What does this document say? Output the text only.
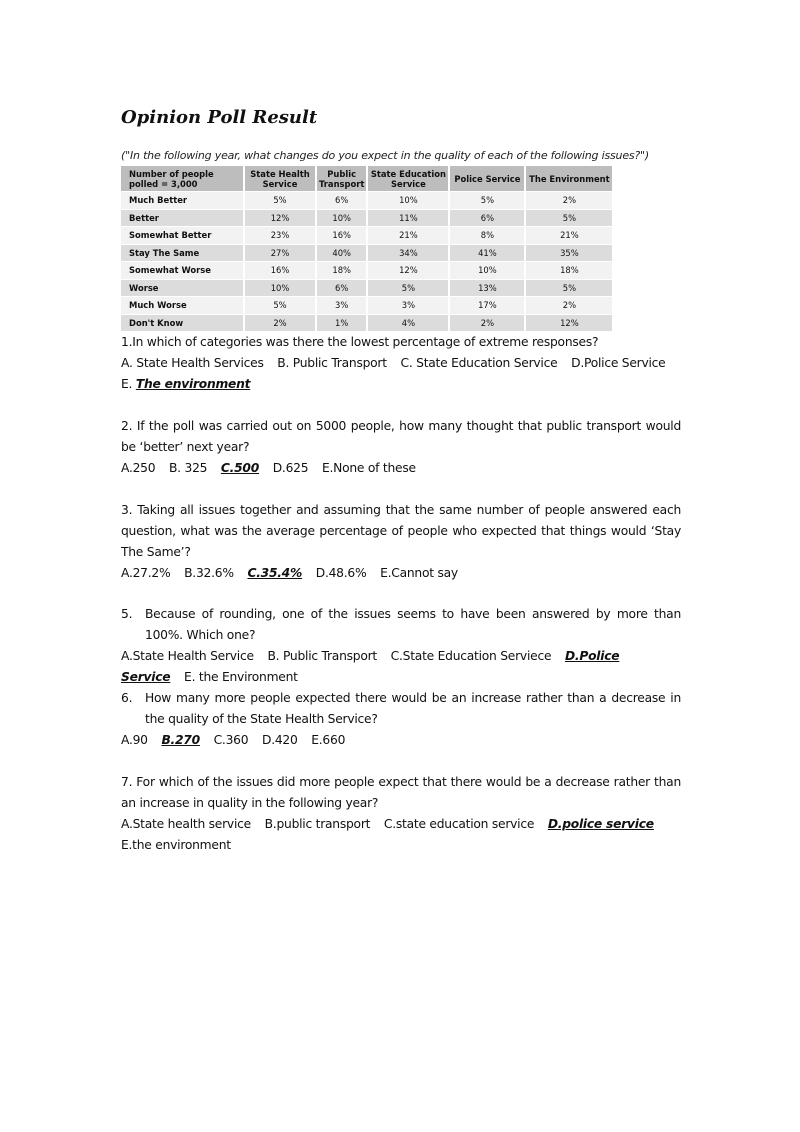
Opinion Poll Result
("In the following year, what changes do you expect in the quality of each of the following issues?")
Number of people polled = 3,000	State Health Service	Public Transport	State Education Service	Police Service	The Environment
Much Better	5%	6%	10%	5%	2%
Better	12%	10%	11%	6%	5%
Somewhat Better	23%	16%	21%	8%	21%
Stay The Same	27%	40%	34%	41%	35%
Somewhat Worse	16%	18%	12%	10%	18%
Worse	10%	6%	5%	13%	5%
Much Worse	5%	3%	3%	17%	2%
Don't Know	2%	1%	4%	2%	12%
1.In which of categories was there the lowest percentage of extreme responses?
A. State Health Services B. Public Transport C. State Education Service D.Police Service
E. The environment
2. If the poll was carried out on 5000 people, how many thought that public transport would be ‘better’ next year?
A.250 B. 325 C.500 D.625 E.None of these
3. Taking all issues together and assuming that the same number of people answered each question, what was the average percentage of people who expected that things would ‘Stay The Same’?
A.27.2% B.32.6% C.35.4% D.48.6% E.Cannot say
5. Because of rounding, one of the issues seems to have been answered by more than 100%. Which one?
A.State Health Service B. Public Transport C.State Education Serviece D.Police Service E. the Environment
6. How many more people expected there would be an increase rather than a decrease in the quality of the State Health Service?
A.90 B.270 C.360 D.420 E.660
7. For which of the issues did more people expect that there would be a decrease rather than an increase in quality in the following year?
A.State health service B.public transport C.state education service D.police service E.the environment
